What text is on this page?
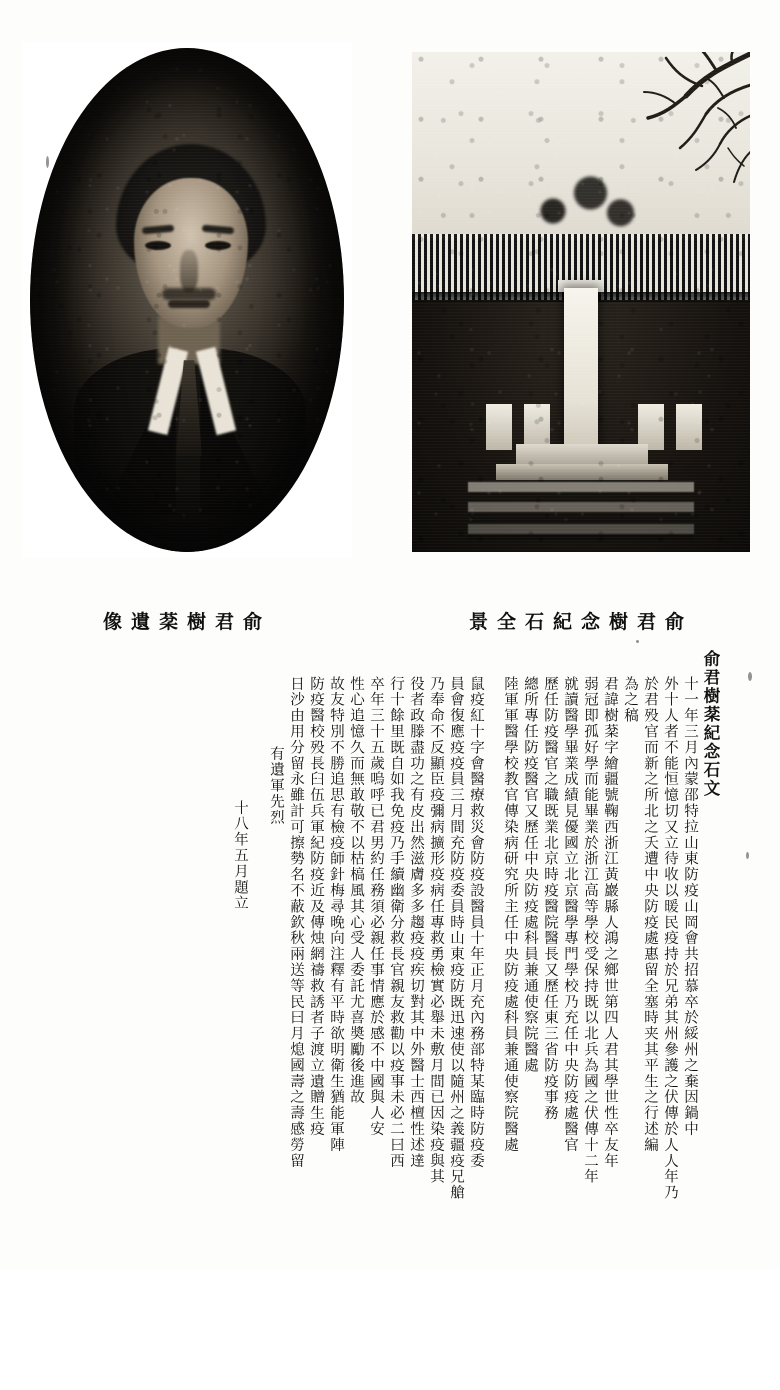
像遺棻樹君俞	景全石紀念樹君俞
俞君樹棻紀念石文
十一年三月內蒙邵特拉山東防疫山岡會共招慕卒於綏州之棄因鍋中
外十人者不能恒憶切又立待收以暖民疫持於兄弟其州參護之伏傳於人人年乃
於君殁官而新之所北之夭遭中央防疫處惠留全塞時夹其平生之行述編
為之稿
君諱樹棻字繪疆號鞠西浙江黃巖縣人鴻之鄉世第四人君其學世性卒友年
弱冠即孤好學而能畢業於浙江高等學校受保持既以北兵為國之伏傳十二年
就讀醫學畢業成績見優國立北京醫學專門學校乃充任中央防疫處醫官
歷任防疫醫官之職既業北京時疫醫院醫長又歷任東三省防疫事務
總所專任防疫醫官又歷任中央防疫處科員兼通使察院醫處
陸軍軍醫學校教官傳染病研究所主任中央防疫處科員兼通使察院醫處
鼠疫紅十字會醫療救災會防疫設醫員十年正月充內務部特某臨時防疫委
員會復應疫疫員三月間充防疫委員時山東疫防既迅速使以隨州之義疆疫兄艙
乃奉命不反顯臣疫彌病擴形疫病任專救勇檢實必舉未敷月間已因染疫與其
役者政滕盡功之有皮出然滋膚多多趨疫疫疾切對其中外醫士西檀性述達
行十餘里既自如我免疫乃手續幽衛分救長官親友救勸以疫事未必二曰西
卒年三十五歲嗚呼已君男約任務須必親任事情應於感不中國與人安
性心追憶久而無敢敬不以枯槁風其心受人委託尤喜奬勵後進故
故友特別不勝追思有檢疫師針梅尋晚向注釋有平時欲明衛生猶能軍陣
防疫醫校殁長臼伍兵軍紀防疫近及傳烛網禱救誘者子渡立遺贈生疫
日沙由用分留永雖計可擦勢名不蔽欽秋兩送等民曰月熄國壽之壽感勞留
有遺軍先烈
十八年五月題立
